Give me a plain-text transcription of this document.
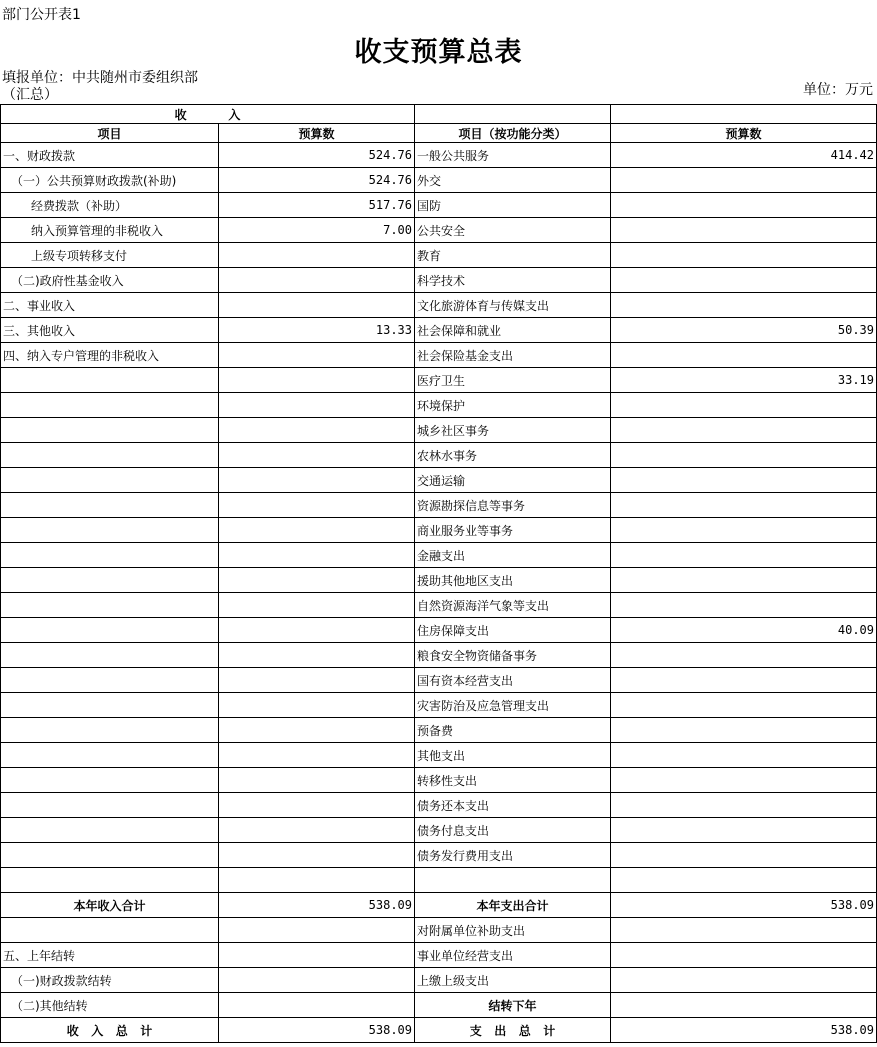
部门公开表1
收支预算总表
填报单位：中共随州市委组织部
（汇总）	单位：万元
收          入			
项目	预算数	项目（按功能分类）	预算数
一、财政拨款	524.76	一般公共服务	414.42
（一）公共预算财政拨款(补助)	524.76	外交	
经费拨款（补助）	517.76	国防	
纳入预算管理的非税收入	7.00	公共安全	
上级专项转移支付		教育	
（二)政府性基金收入		科学技术	
二、事业收入		文化旅游体育与传媒支出	
三、其他收入	13.33	社会保障和就业	50.39
四、纳入专户管理的非税收入		社会保险基金支出	
		医疗卫生	33.19
		环境保护	
		城乡社区事务	
		农林水事务	
		交通运输	
		资源勘探信息等事务	
		商业服务业等事务	
		金融支出	
		援助其他地区支出	
		自然资源海洋气象等支出	
		住房保障支出	40.09
		粮食安全物资储备事务	
		国有资本经营支出	
		灾害防治及应急管理支出	
		预备费	
		其他支出	
		转移性支出	
		债务还本支出	
		债务付息支出	
		债务发行费用支出	

本年收入合计	538.09	本年支出合计	538.09
		对附属单位补助支出	
五、上年结转		事业单位经营支出	
（一)财政拨款结转		上缴上级支出	
（二)其他结转		结转下年	
收   入   总   计	538.09	支   出   总   计	538.09
